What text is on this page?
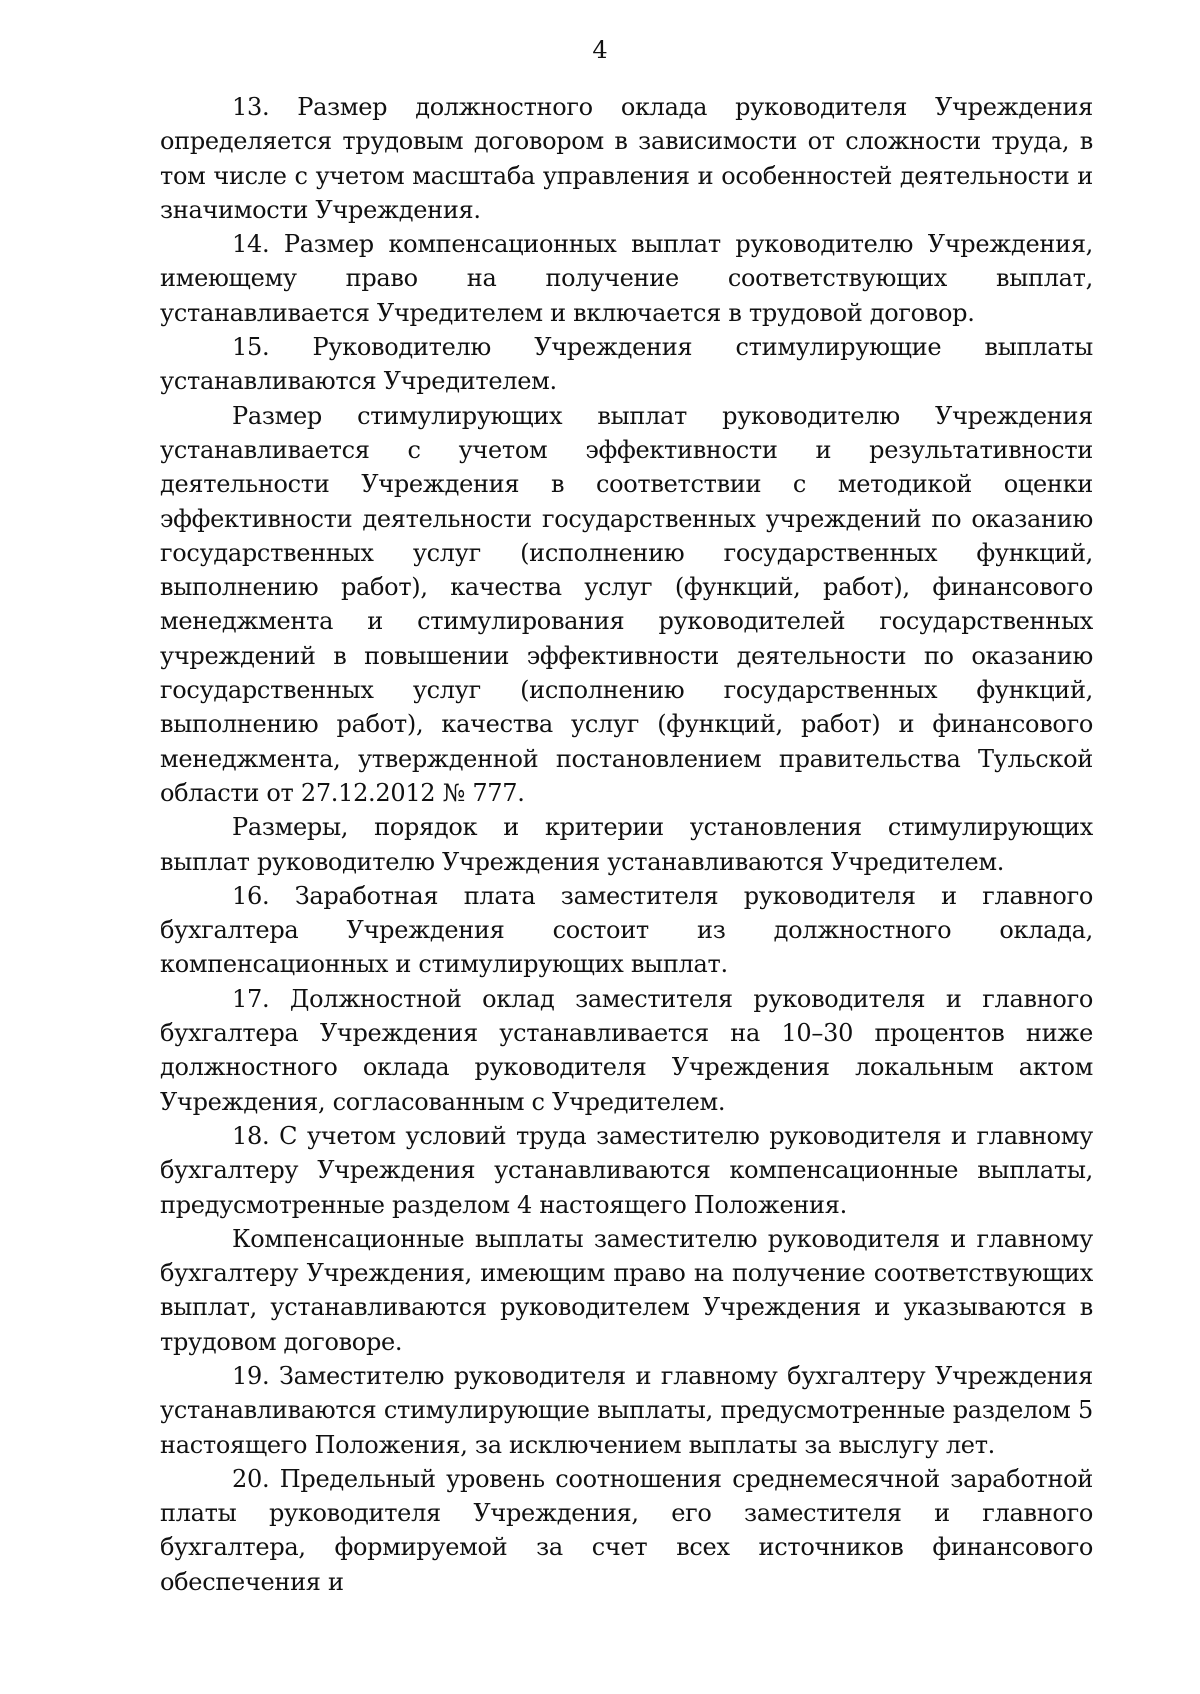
4

13. Размер должностного оклада руководителя Учреждения определяется трудовым договором в зависимости от сложности труда, в том числе с учетом масштаба управления и особенностей деятельности и значимости Учреждения.

14. Размер компенсационных выплат руководителю Учреждения, имеющему право на получение соответствующих выплат, устанавливается Учредителем и включается в трудовой договор.

15. Руководителю Учреждения стимулирующие выплаты устанавливаются Учредителем.

Размер стимулирующих выплат руководителю Учреждения устанавливается с учетом эффективности и результативности деятельности Учреждения в соответствии с методикой оценки эффективности деятельности государственных учреждений по оказанию государственных услуг (исполнению государственных функций, выполнению работ), качества услуг (функций, работ), финансового менеджмента и стимулирования руководителей государственных учреждений в повышении эффективности деятельности по оказанию государственных услуг (исполнению государственных функций, выполнению работ), качества услуг (функций, работ) и финансового менеджмента, утвержденной постановлением правительства Тульской области от 27.12.2012 № 777.

Размеры, порядок и критерии установления стимулирующих выплат руководителю Учреждения устанавливаются Учредителем.

16. Заработная плата заместителя руководителя и главного бухгалтера Учреждения состоит из должностного оклада, компенсационных и стимулирующих выплат.

17. Должностной оклад заместителя руководителя и главного бухгалтера Учреждения устанавливается на 10–30 процентов ниже должностного оклада руководителя Учреждения локальным актом Учреждения, согласованным с Учредителем.

18. С учетом условий труда заместителю руководителя и главному бухгалтеру Учреждения устанавливаются компенсационные выплаты, предусмотренные разделом 4 настоящего Положения.

Компенсационные выплаты заместителю руководителя и главному бухгалтеру Учреждения, имеющим право на получение соответствующих выплат, устанавливаются руководителем Учреждения и указываются в трудовом договоре.

19. Заместителю руководителя и главному бухгалтеру Учреждения устанавливаются стимулирующие выплаты, предусмотренные разделом 5 настоящего Положения, за исключением выплаты за выслугу лет.

20. Предельный уровень соотношения среднемесячной заработной платы руководителя Учреждения, его заместителя и главного бухгалтера, формируемой за счет всех источников финансового обеспечения и
